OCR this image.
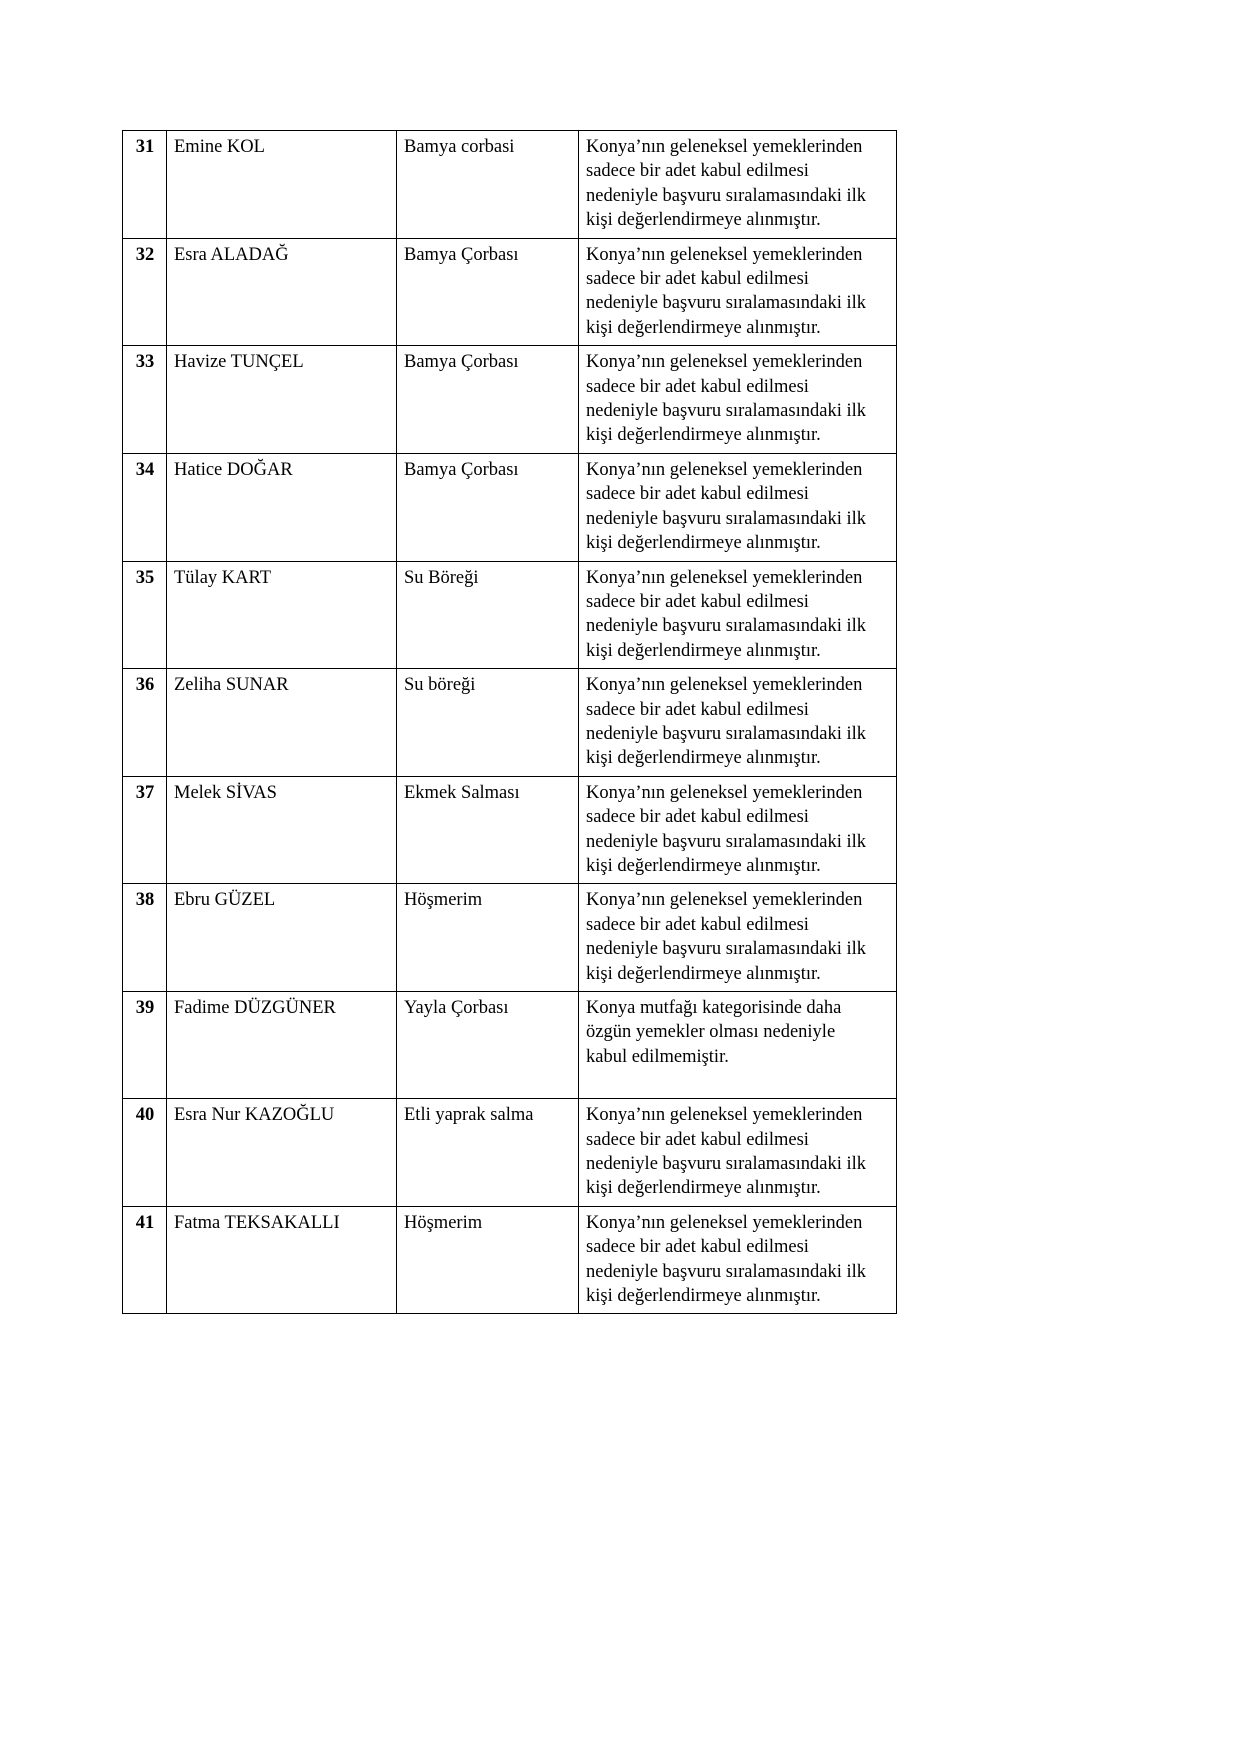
31	Emine KOL	Bamya corbasi	Konya’nın geleneksel yemeklerinden
sadece bir adet kabul edilmesi
nedeniyle başvuru sıralamasındaki ilk
kişi değerlendirmeye alınmıştır.

32	Esra ALADAĞ	Bamya Çorbası	Konya’nın geleneksel yemeklerinden
sadece bir adet kabul edilmesi
nedeniyle başvuru sıralamasındaki ilk
kişi değerlendirmeye alınmıştır.

33	Havize TUNÇEL	Bamya Çorbası	Konya’nın geleneksel yemeklerinden
sadece bir adet kabul edilmesi
nedeniyle başvuru sıralamasındaki ilk
kişi değerlendirmeye alınmıştır.

34	Hatice DOĞAR	Bamya Çorbası	Konya’nın geleneksel yemeklerinden
sadece bir adet kabul edilmesi
nedeniyle başvuru sıralamasındaki ilk
kişi değerlendirmeye alınmıştır.

35	Tülay KART	Su Böreği	Konya’nın geleneksel yemeklerinden
sadece bir adet kabul edilmesi
nedeniyle başvuru sıralamasındaki ilk
kişi değerlendirmeye alınmıştır.

36	Zeliha SUNAR	Su böreği	Konya’nın geleneksel yemeklerinden
sadece bir adet kabul edilmesi
nedeniyle başvuru sıralamasındaki ilk
kişi değerlendirmeye alınmıştır.

37	Melek SİVAS	Ekmek Salması	Konya’nın geleneksel yemeklerinden
sadece bir adet kabul edilmesi
nedeniyle başvuru sıralamasındaki ilk
kişi değerlendirmeye alınmıştır.

38	Ebru GÜZEL	Höşmerim	Konya’nın geleneksel yemeklerinden
sadece bir adet kabul edilmesi
nedeniyle başvuru sıralamasındaki ilk
kişi değerlendirmeye alınmıştır.

39	Fadime DÜZGÜNER	Yayla Çorbası	Konya mutfağı kategorisinde daha
özgün yemekler olması nedeniyle
kabul edilmemiştir.

40	Esra Nur KAZOĞLU	Etli yaprak salma	Konya’nın geleneksel yemeklerinden
sadece bir adet kabul edilmesi
nedeniyle başvuru sıralamasındaki ilk
kişi değerlendirmeye alınmıştır.

41	Fatma TEKSAKALLI	Höşmerim	Konya’nın geleneksel yemeklerinden
sadece bir adet kabul edilmesi
nedeniyle başvuru sıralamasındaki ilk
kişi değerlendirmeye alınmıştır.
